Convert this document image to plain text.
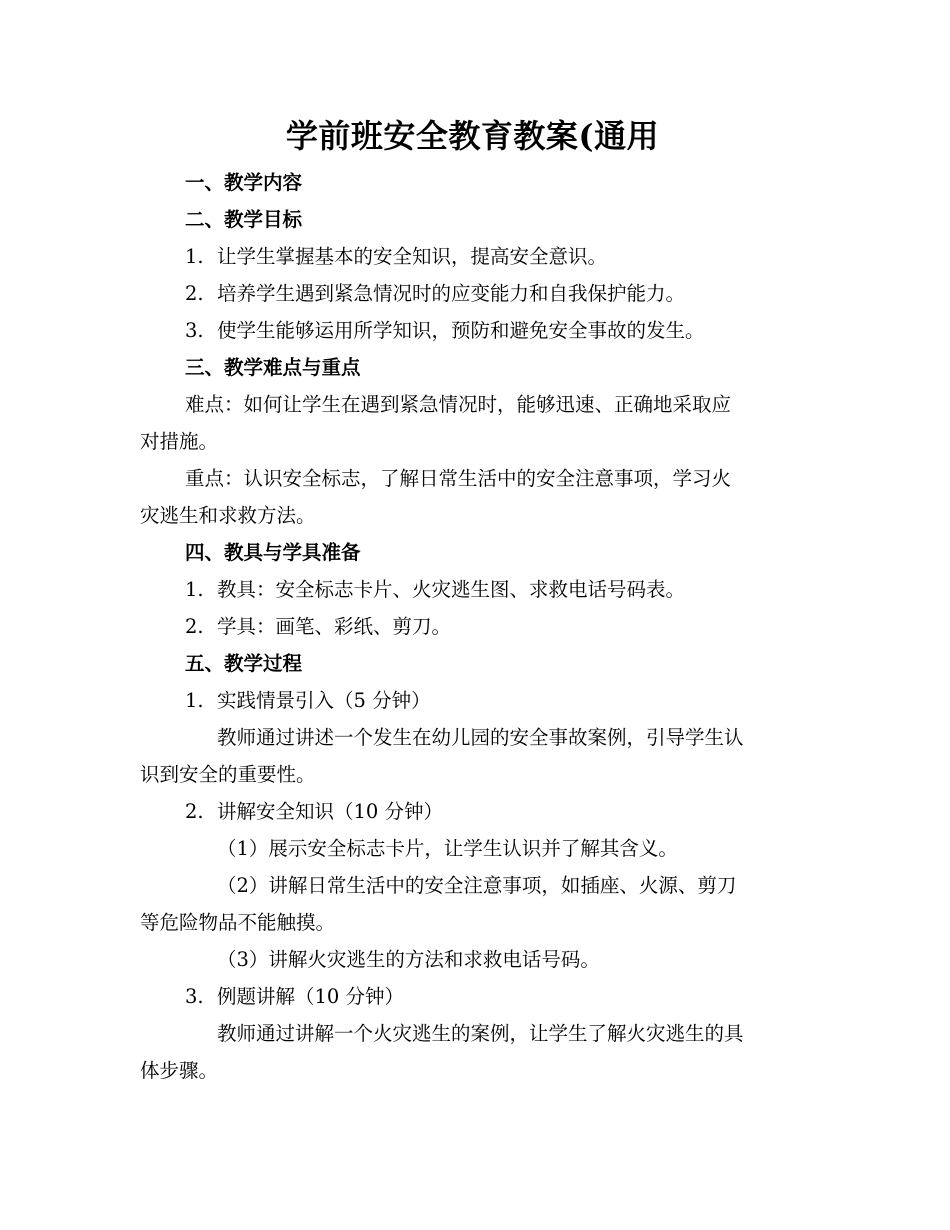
学前班安全教育教案(通用

一、教学内容

二、教学目标

1. 让学生掌握基本的安全知识，提高安全意识。

2. 培养学生遇到紧急情况时的应变能力和自我保护能力。

3. 使学生能够运用所学知识，预防和避免安全事故的发生。

三、教学难点与重点

难点：如何让学生在遇到紧急情况时，能够迅速、正确地采取应

对措施。

重点：认识安全标志，了解日常生活中的安全注意事项，学习火

灾逃生和求救方法。

四、教具与学具准备

1. 教具：安全标志卡片、火灾逃生图、求救电话号码表。

2. 学具：画笔、彩纸、剪刀。

五、教学过程

1. 实践情景引入（5 分钟）

教师通过讲述一个发生在幼儿园的安全事故案例，引导学生认

识到安全的重要性。

2. 讲解安全知识（10 分钟）

（1）展示安全标志卡片，让学生认识并了解其含义。

（2）讲解日常生活中的安全注意事项，如插座、火源、剪刀

等危险物品不能触摸。

（3）讲解火灾逃生的方法和求救电话号码。

3. 例题讲解（10 分钟）

教师通过讲解一个火灾逃生的案例，让学生了解火灾逃生的具

体步骤。
